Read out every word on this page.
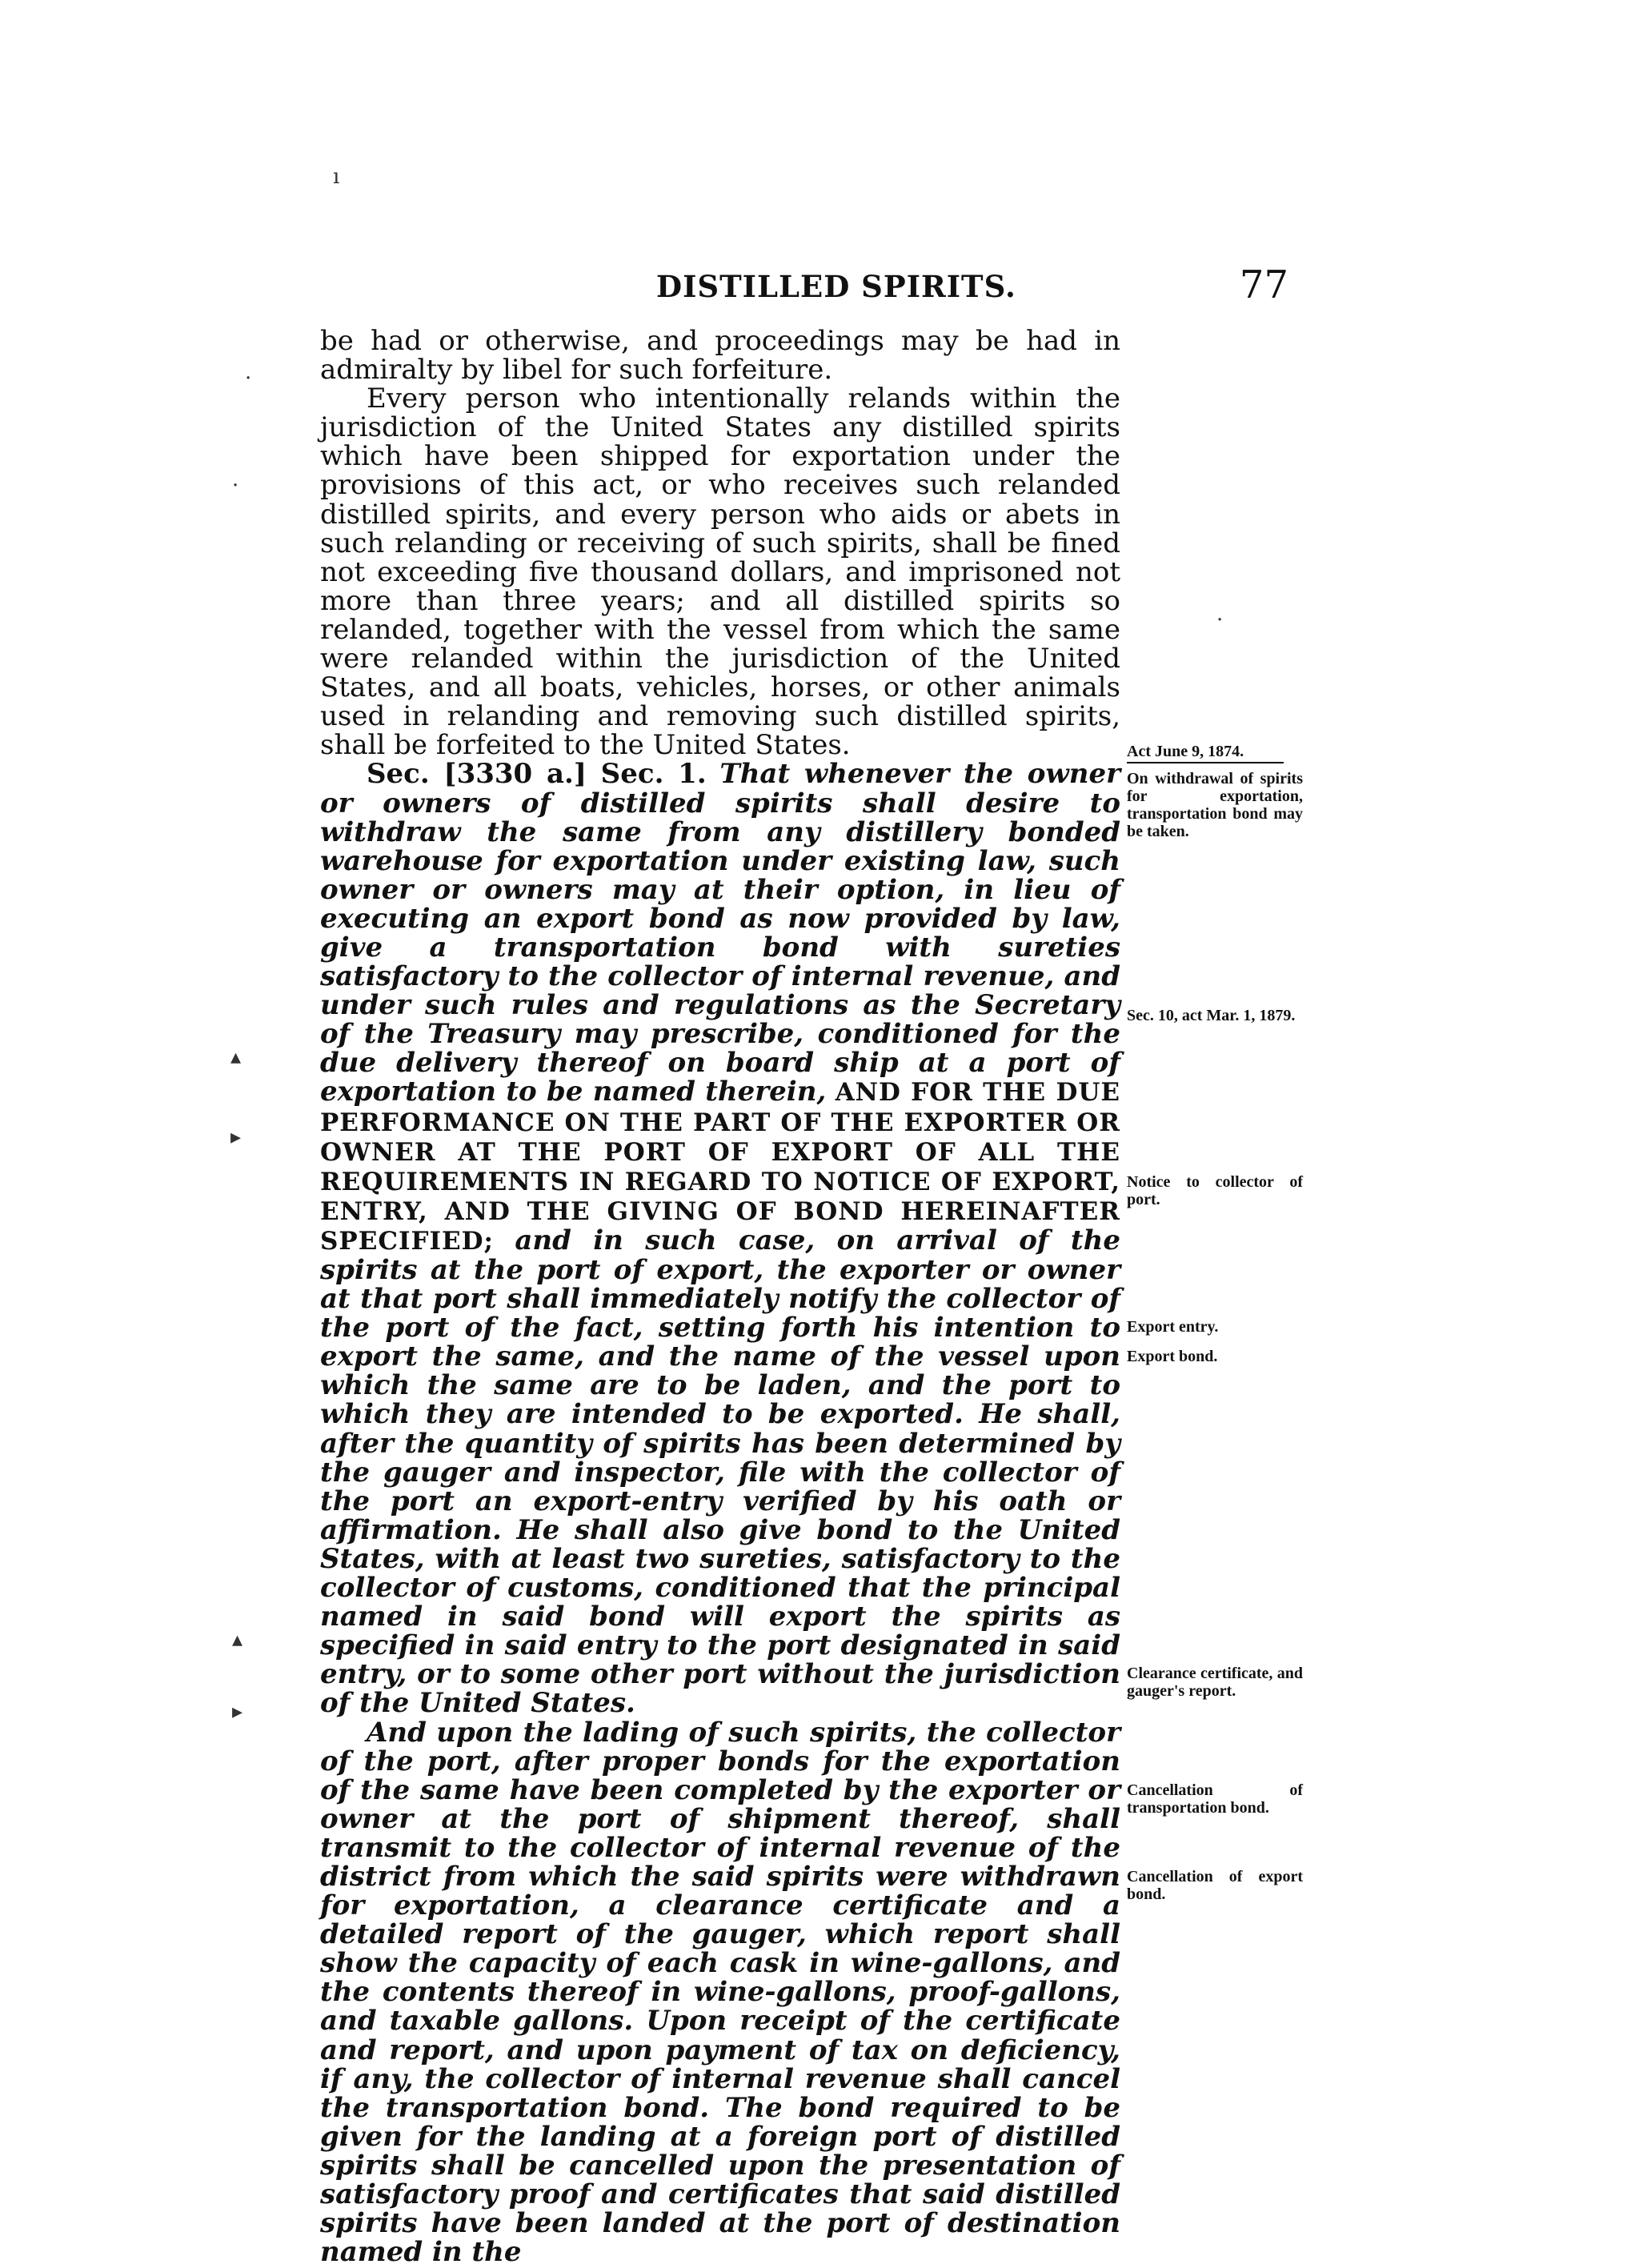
DISTILLED SPIRITS.	77

be had or otherwise, and proceedings may be had in admiralty by libel for such forfeiture.

Every person who intentionally relands within the jurisdiction of the United States any distilled spirits which have been shipped for exportation under the provisions of this act, or who receives such relanded distilled spirits, and every person who aids or abets in such relanding or receiving of such spirits, shall be fined not exceeding five thousand dollars, and imprisoned not more than three years; and all distilled spirits so relanded, together with the vessel from which the same were relanded within the jurisdiction of the United States, and all boats, vehicles, horses, or other animals used in relanding and removing such distilled spirits, shall be forfeited to the United States.

Sec. [3330 a.] Sec. 1. That whenever the owner or owners of distilled spirits shall desire to withdraw the same from any distillery bonded warehouse for exportation under existing law, such owner or owners may at their option, in lieu of executing an export bond as now provided by law, give a transportation bond with sureties satisfactory to the collector of internal revenue, and under such rules and regulations as the Secretary of the Treasury may prescribe, conditioned for the due delivery thereof on board ship at a port of exportation to be named therein, AND FOR THE DUE PERFORMANCE ON THE PART OF THE EXPORTER OR OWNER AT THE PORT OF EXPORT OF ALL THE REQUIREMENTS IN REGARD TO NOTICE OF EXPORT, ENTRY, AND THE GIVING OF BOND HEREINAFTER SPECIFIED; and in such case, on arrival of the spirits at the port of export, the exporter or owner at that port shall immediately notify the collector of the port of the fact, setting forth his intention to export the same, and the name of the vessel upon which the same are to be laden, and the port to which they are intended to be exported. He shall, after the quantity of spirits has been determined by the gauger and inspector, file with the collector of the port an export-entry verified by his oath or affirmation. He shall also give bond to the United States, with at least two sureties, satisfactory to the collector of customs, conditioned that the principal named in said bond will export the spirits as specified in said entry to the port designated in said entry, or to some other port without the jurisdiction of the United States.

And upon the lading of such spirits, the collector of the port, after proper bonds for the exportation of the same have been completed by the exporter or owner at the port of shipment thereof, shall transmit to the collector of internal revenue of the district from which the said spirits were withdrawn for exportation, a clearance certificate and a detailed report of the gauger, which report shall show the capacity of each cask in wine-gallons, and the contents thereof in wine-gallons, proof-gallons, and taxable gallons. Upon receipt of the certificate and report, and upon payment of tax on deficiency, if any, the collector of internal revenue shall cancel the transportation bond. The bond required to be given for the landing at a foreign port of distilled spirits shall be cancelled upon the presentation of satisfactory proof and certificates that said distilled spirits have been landed at the port of destination named in the

Act June 9, 1874.
On withdrawal of spirits for exportation, transportation bond may be taken.
Sec. 10, act Mar. 1, 1879.
Notice to collector of port.
Export entry.
Export bond.
Clearance certificate, and gauger's report.
Cancellation of transportation bond.
Cancellation of export bond.
ı
·
·
·
▴
▸
▴
▸
